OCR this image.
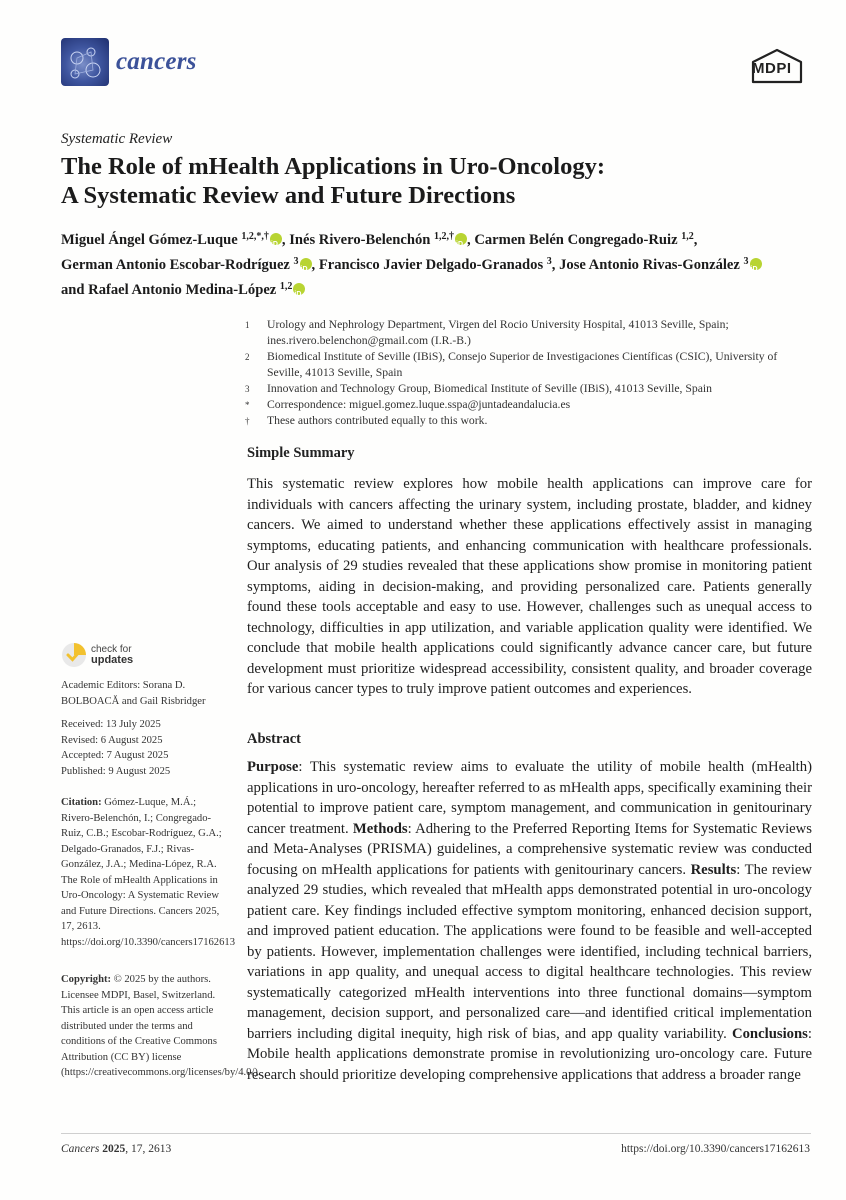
cancers	MDPI
Systematic Review
The Role of mHealth Applications in Uro-Oncology:
A Systematic Review and Future Directions
Miguel Ángel Gómez-Luque $^{1,2,*,\dagger}$ iD , Inés Rivero-Belenchón $^{1,2,\dagger}$ iD , Carmen Belén Congregado-Ruiz $^{1,2}$,
German Antonio Escobar-Rodríguez $^3$ iD , Francisco Javier Delgado-Granados $^3$, Jose Antonio Rivas-González $^3$iD
and Rafael Antonio Medina-López $^{1,2}$iD
1	Urology and Nephrology Department, Virgen del Rocio University Hospital, 41013 Seville, Spain; ines.rivero.belenchon@gmail.com (I.R.-B.)
2	Biomedical Institute of Seville (IBiS), Consejo Superior de Investigaciones Científicas (CSIC), University of Seville, 41013 Seville, Spain
3	Innovation and Technology Group, Biomedical Institute of Seville (IBiS), 41013 Seville, Spain
*	Correspondence: miguel.gomez.luque.sspa@juntadeandalucia.es
†	These authors contributed equally to this work.
check for
updates
Academic Editors: Sorana D. BOLBOACĂ and Gail Risbridger
Received: 13 July 2025
Revised: 6 August 2025
Accepted: 7 August 2025
Published: 9 August 2025
Citation: Gómez-Luque, M.Á.; Rivero-Belenchón, I.; Congregado-Ruiz, C.B.; Escobar-Rodríguez, G.A.; Delgado-Granados, F.J.; Rivas-González, J.A.; Medina-López, R.A. The Role of mHealth Applications in Uro-Oncology: A Systematic Review and Future Directions. Cancers 2025, 17, 2613. https://doi.org/10.3390/cancers17162613
Copyright: © 2025 by the authors. Licensee MDPI, Basel, Switzerland. This article is an open access article distributed under the terms and conditions of the Creative Commons Attribution (CC BY) license (https://creativecommons.org/licenses/by/4.0/).
Simple Summary
This systematic review explores how mobile health applications can improve care for individuals with cancers affecting the urinary system, including prostate, bladder, and kidney cancers. We aimed to understand whether these applications effectively assist in managing symptoms, educating patients, and enhancing communication with healthcare professionals. Our analysis of 29 studies revealed that these applications show promise in monitoring patient symptoms, aiding in decision-making, and providing personalized care. Patients generally found these tools acceptable and easy to use. However, challenges such as unequal access to technology, difficulties in app utilization, and variable application quality were identified. We conclude that mobile health applications could significantly advance cancer care, but future development must prioritize widespread accessibility, consistent quality, and broader coverage for various cancer types to truly improve patient outcomes and experiences.
Abstract
Purpose: This systematic review aims to evaluate the utility of mobile health (mHealth) applications in uro-oncology, hereafter referred to as mHealth apps, specifically examining their potential to improve patient care, symptom management, and communication in genitourinary cancer treatment. Methods: Adhering to the Preferred Reporting Items for Systematic Reviews and Meta-Analyses (PRISMA) guidelines, a comprehensive systematic review was conducted focusing on mHealth applications for patients with genitourinary cancers. Results: The review analyzed 29 studies, which revealed that mHealth apps demonstrated potential in uro-oncology patient care. Key findings included effective symptom monitoring, enhanced decision support, and improved patient education. The applications were found to be feasible and well-accepted by patients. However, implementation challenges were identified, including technical barriers, variations in app quality, and unequal access to digital healthcare technologies. This review systematically categorized mHealth interventions into three functional domains—symptom management, decision support, and personalized care—and identified critical implementation barriers including digital inequity, high risk of bias, and app quality variability. Conclusions: Mobile health applications demonstrate promise in revolutionizing uro-oncology care. Future research should prioritize developing comprehensive applications that address a broader range
Cancers 2025, 17, 2613	https://doi.org/10.3390/cancers17162613
